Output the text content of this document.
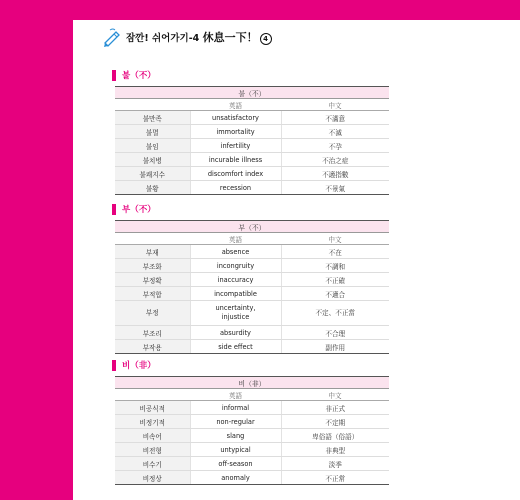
잠깐! 쉬어가기-4 休息一下！ 4
불（不）
불（不）		
	英語	中文
불만족	unsatisfactory	不滿意
불멸	immortality	不滅
불임	infertility	不孕
불치병	incurable illness	不治之症
불쾌지수	discomfort index	不適指數
불황	recession	不景氣
부（不）
부（不）		
	英語	中文
부재	absence	不在
부조화	incongruity	不調和
부정확	inaccuracy	不正確
부적합	incompatible	不適合
부정	uncertainty,
injustice	不定、不正當
부조리	absurdity	不合理
부작용	side effect	副作用
비（非）
비（非）		
	英語	中文
비공식적	informal	非正式
비정기적	non-regular	不定期
비속어	slang	卑俗語（俗語）
비전형	untypical	非典型
비수기	off-season	淡季
비정상	anomaly	不正常
